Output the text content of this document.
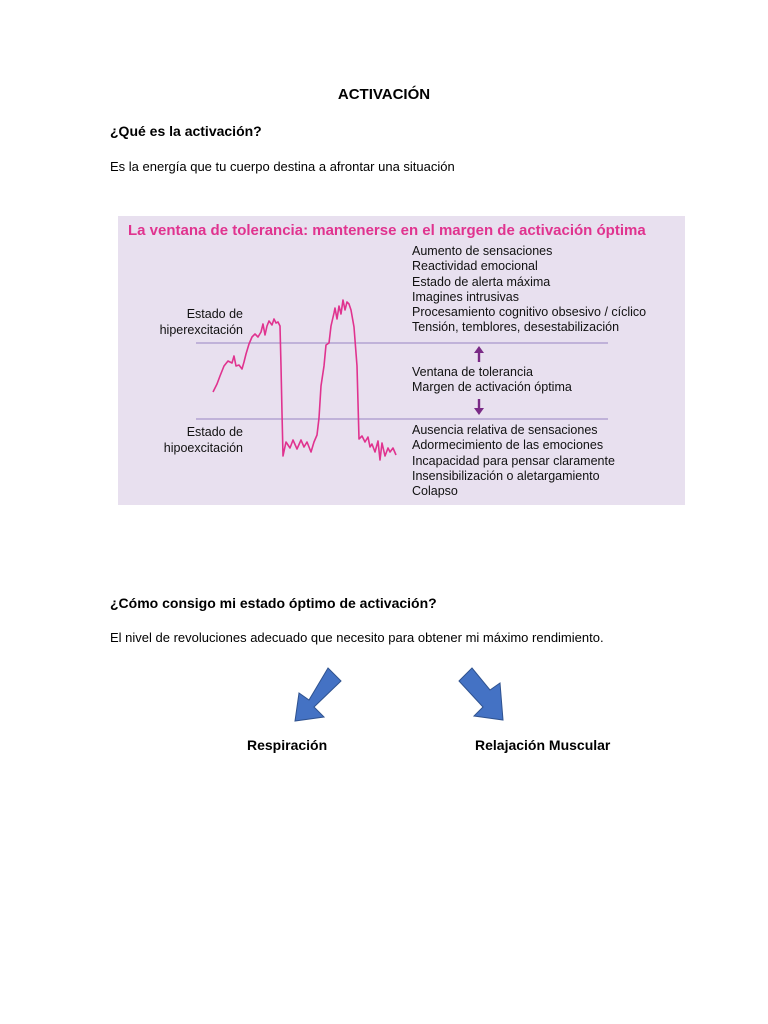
ACTIVACIÓN
¿Qué es la activación?
Es la energía que tu cuerpo destina a afrontar una situación
La ventana de tolerancia: mantenerse en el margen de activación óptima
Estado de
hiperexcitación
Estado de
hipoexcitación
Aumento de sensaciones
Reactividad emocional
Estado de alerta máxima
Imagines intrusivas
Procesamiento cognitivo obsesivo / cíclico
Tensión, temblores, desestabilización
Ventana de tolerancia
Margen de activación óptima
Ausencia relativa de sensaciones
Adormecimiento de las emociones
Incapacidad para pensar claramente
Insensibilización o aletargamiento
Colapso
¿Cómo consigo mi estado óptimo de activación?
El nivel de revoluciones adecuado que necesito para obtener mi máximo rendimiento.
Respiración	Relajación Muscular
